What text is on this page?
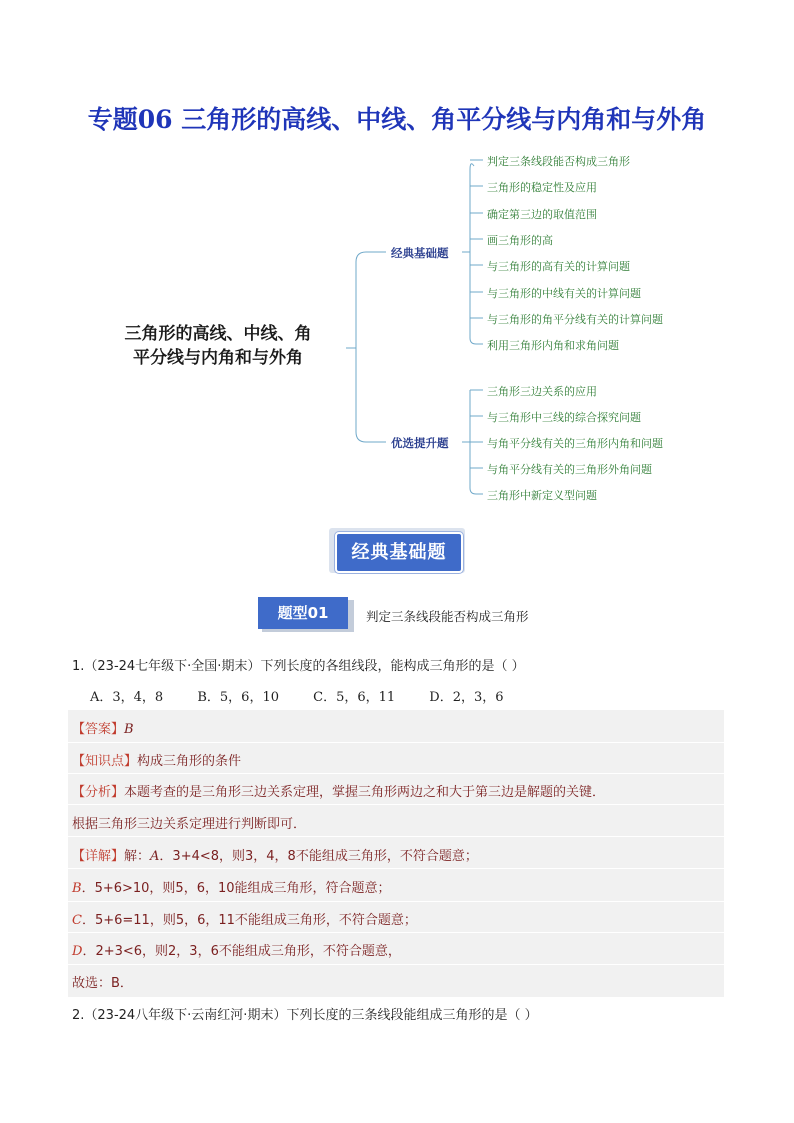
专题06 三角形的高线、中线、角平分线与内角和与外角
三角形的高线、中线、角
平分线与内角和与外角
经典基础题
优选提升题
判定三条线段能否构成三角形
三角形的稳定性及应用
确定第三边的取值范围
画三角形的高
与三角形的高有关的计算问题
与三角形的中线有关的计算问题
与三角形的角平分线有关的计算问题
利用三角形内角和求角问题
三角形三边关系的应用
与三角形中三线的综合探究问题
与角平分线有关的三角形内角和问题
与角平分线有关的三角形外角问题
三角形中新定义型问题
经典基础题
题型01	判定三条线段能否构成三角形
1.（23-24七年级下·全国·期末）下列长度的各组线段，能构成三角形的是（ ）
A．3，4，8	B．5，6，10	C．5，6，11	D．2，3，6
【答案】B
【知识点】构成三角形的条件
【分析】本题考查的是三角形三边关系定理，掌握三角形两边之和大于第三边是解题的关键．
根据三角形三边关系定理进行判断即可．
【详解】解：A．3+4<8，则3，4，8不能组成三角形，不符合题意；
B．5+6>10，则5，6，10能组成三角形，符合题意；
C．5+6=11，则5，6，11不能组成三角形，不符合题意；
D．2+3<6，则2，3，6不能组成三角形，不符合题意，
故选：B．
2.（23-24八年级下·云南红河·期末）下列长度的三条线段能组成三角形的是（ ）
